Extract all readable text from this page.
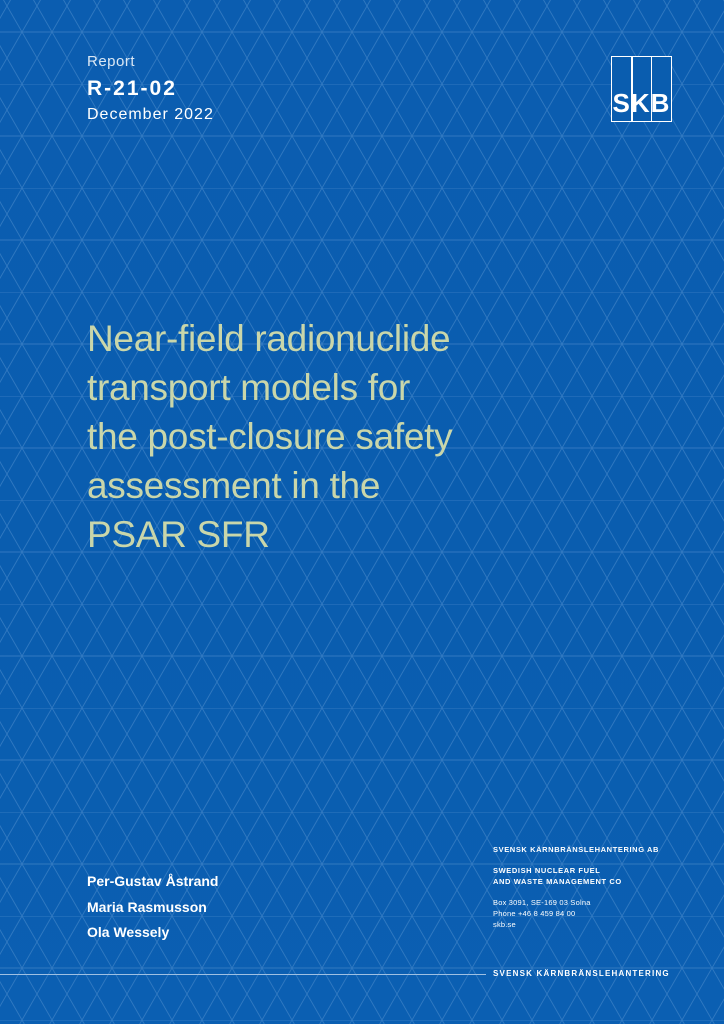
Report
R-21-02
December 2022	SKB
Near-field radionuclide
transport models for
the post-closure safety
assessment in the
PSAR SFR
Per-Gustav Åstrand
Maria Rasmusson
Ola Wessely
SVENSK KÄRNBRÄNSLEHANTERING AB
SWEDISH NUCLEAR FUEL
AND WASTE MANAGEMENT CO
Box 3091, SE-169 03 Solna
Phone +46 8 459 84 00
skb.se
SVENSK KÄRNBRÄNSLEHANTERING
